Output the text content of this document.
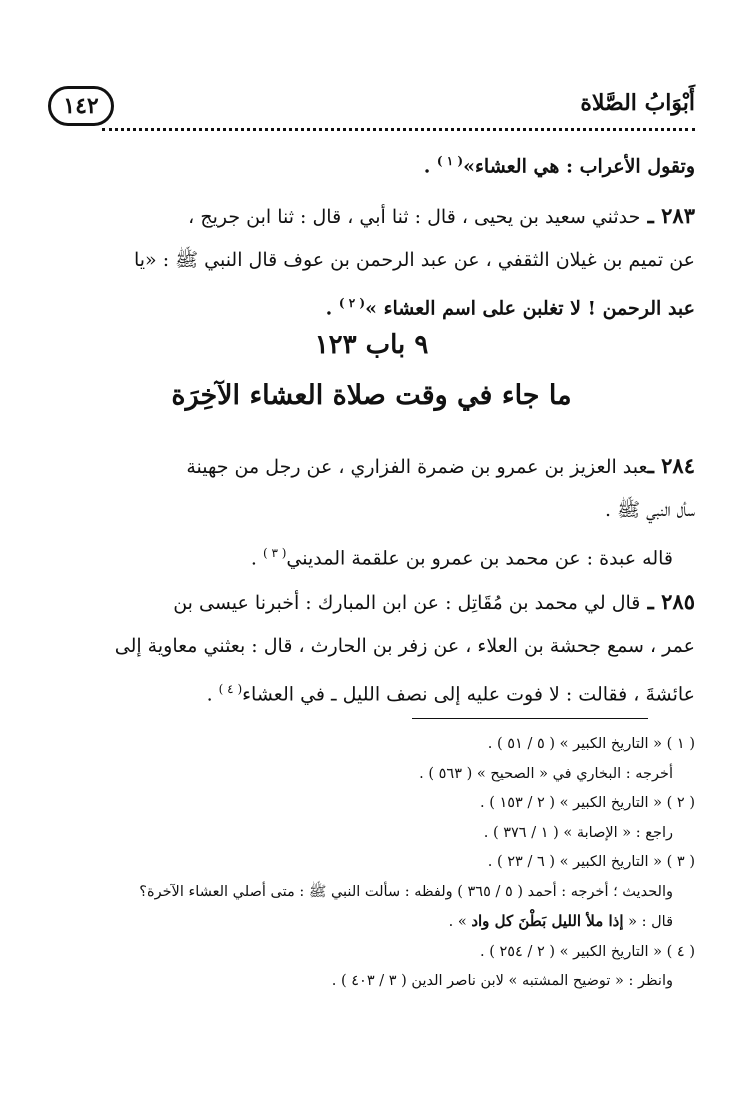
١٤٢	أَبْوَابُ الصَّلاة
وتقول الأعراب : هي العشاء»$^{( ١ )}$ .
٢٨٣ ـ حدثني سعيد بن يحيى ، قال : ثنا أبي ، قال : ثنا ابن جريج ،
عن تميم بن غيلان الثقفي ، عن عبد الرحمن بن عوف قال النبي ﷺ : «يا
عبد الرحمن ! لا تغلبن على اسم العشاء »$^{( ٢ )}$ .
٩ باب ١٢٣
ما جاء في وقت صلاة العشاء الآخِرَة
٢٨٤ ـعبد العزيز بن عمرو بن ضمرة الفزاري ، عن رجل من جهينة
سأل النبي ﷺ .
قاله عبدة : عن محمد بن عمرو بن علقمة المديني$^{( ٣ )}$ .
٢٨٥ ـ قال لي محمد بن مُقَاتِل : عن ابن المبارك : أخبرنا عيسى بن
عمر ، سمع جحشة بن العلاء ، عن زفر بن الحارث ، قال : بعثني معاوية إلى
عائشةَ ، فقالت : لا فوت عليه إلى نصف الليل ـ في العشاء$^{( ٤ )}$ .
( ١ ) « التاريخ الكبير » ( ٥ / ٥١ ) .
أخرجه : البخاري في « الصحيح » ( ٥٦٣ ) .
( ٢ ) « التاريخ الكبير » ( ٢ / ١٥٣ ) .
راجع : « الإصابة » ( ١ / ٣٧٦ ) .
( ٣ ) « التاريخ الكبير » ( ٦ / ٢٣ ) .
والحديث ؛ أخرجه : أحمد ( ٥ / ٣٦٥ ) ولفظه : سألت النبي ﷺ : متى أصلي العشاء الآخرة؟
قال : « إذا ملأ الليل بَطْنَ كل واد » .
( ٤ ) « التاريخ الكبير » ( ٢ / ٢٥٤ ) .
وانظر : « توضيح المشتبه » لابن ناصر الدين ( ٣ / ٤٠٣ ) .
